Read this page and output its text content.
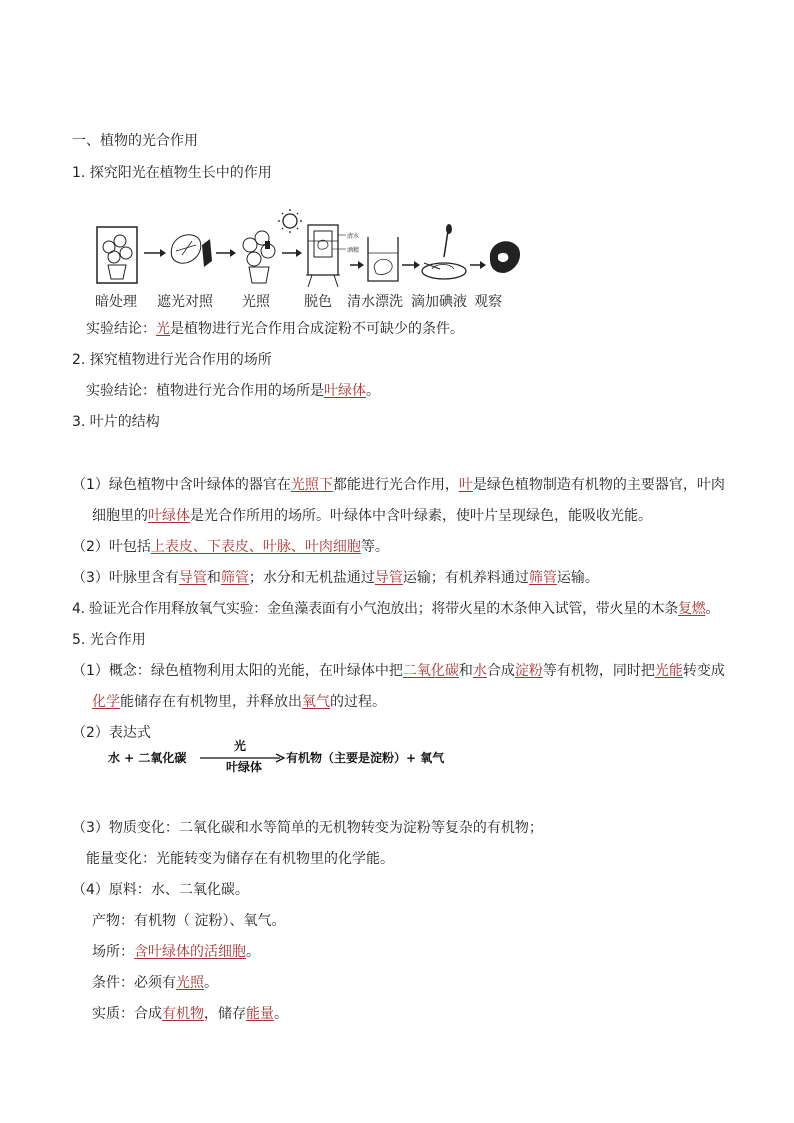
一、植物的光合作用
1. 探究阳光在植物生长中的作用
清水
酒精
暗处理 遮光对照 光照 脱色 清水漂洗 滴加碘液 观察
实验结论：光是植物进行光合作用合成淀粉不可缺少的条件。
2. 探究植物进行光合作用的场所
实验结论：植物进行光合作用的场所是叶绿体。
3. 叶片的结构
（1）绿色植物中含叶绿体的器官在光照下都能进行光合作用，叶是绿色植物制造有机物的主要器官，叶肉
细胞里的叶绿体是光合作所用的场所。叶绿体中含叶绿素，使叶片呈现绿色，能吸收光能。
（2）叶包括上表皮、下表皮、叶脉、叶肉细胞等。
（3）叶脉里含有导管和筛管；水分和无机盐通过导管运输；有机养料通过筛管运输。
4. 验证光合作用释放氧气实验：金鱼藻表面有小气泡放出；将带火星的木条伸入试管，带火星的木条复燃。
5. 光合作用
（1）概念：绿色植物利用太阳的光能，在叶绿体中把二氧化碳和水合成淀粉等有机物，同时把光能转变成
化学能储存在有机物里，并释放出氧气的过程。
（2）表达式
水 + 二氧化碳
光
叶绿体
有机物（主要是淀粉）+ 氧气
（3）物质变化：二氧化碳和水等简单的无机物转变为淀粉等复杂的有机物；
能量变化：光能转变为储存在有机物里的化学能。
（4）原料：水、二氧化碳。
产物：有机物（ 淀粉）、氧气。
场所：含叶绿体的活细胞。
条件：必须有光照。
实质：合成有机物，储存能量。
